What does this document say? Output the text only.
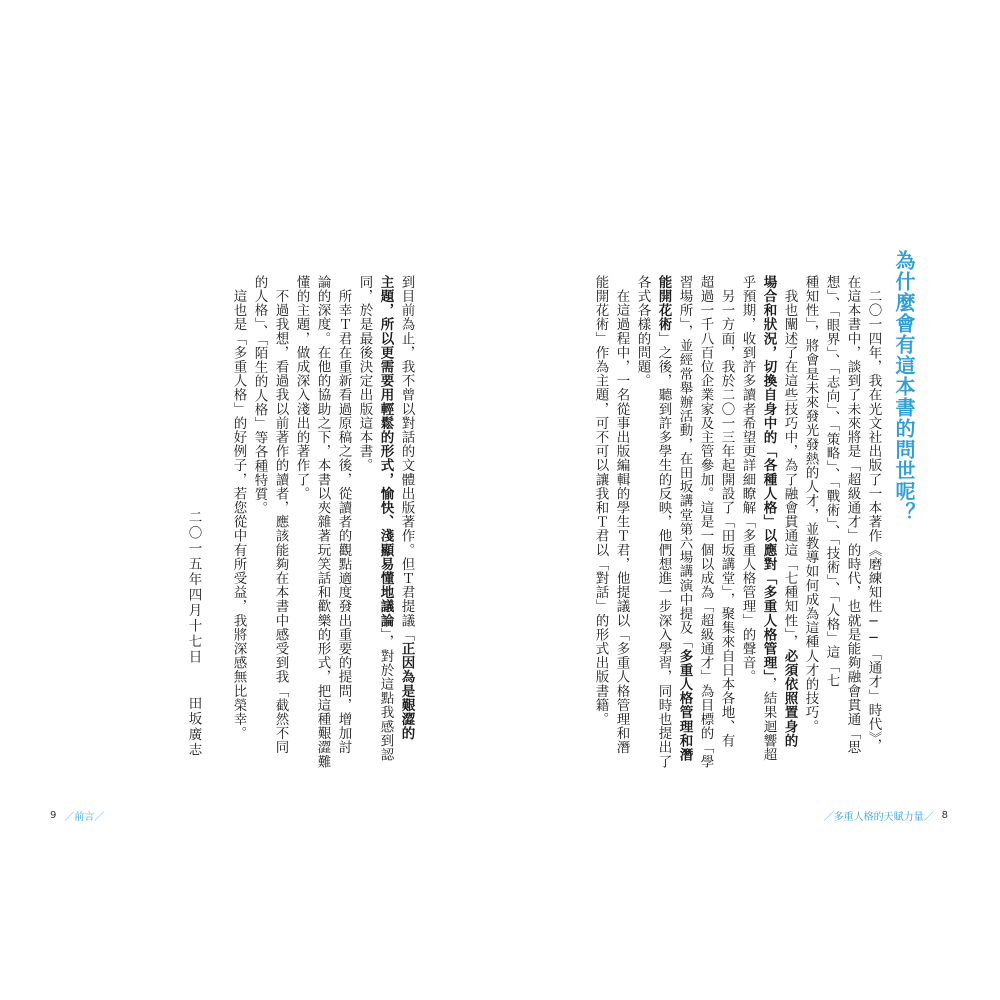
到目前為止，我不曾以對話的文體出版著作。但Ｔ君提議「正因為是艱澀的
主題，所以更需要用輕鬆的形式，愉快、淺顯易懂地議論」，對於這點我感到認
同，於是最後決定出版這本書。
　所幸Ｔ君在重新看過原稿之後，從讀者的觀點適度發出重要的提問，增加討
論的深度。在他的協助之下，本書以夾雜著玩笑話和歡樂的形式，把這種艱澀難
懂的主題，做成深入淺出的著作了。
　不過我想，看過我以前著作的讀者，應該能夠在本書中感受到我「截然不同
的人格」、「陌生的人格」等各種特質。
　這也是「多重人格」的好例子，若您從中有所受益，我將深感無比榮幸。
二〇一五年四月十七日　　田坂廣志
9 ／前言／
為什麼會有這本書的問世呢？
　二〇一四年，我在光文社出版了一本著作《磨練知性──「通才」時代》，
在這本書中，談到了未來將是「超級通才」的時代，也就是能夠融會貫通「思
想」、「眼界」、「志向」、「策略」、「戰術」、「技術」、「人格」這「七
種知性」，將會是未來發光發熱的人才，並教導如何成為這種人才的技巧。
　我也闡述了在這些技巧中，為了融會貫通這「七種知性」，必須依照置身的
場合和狀況，切換自身中的「各種人格」以應對「多重人格管理」，結果迴響超
乎預期，收到許多讀者希望更詳細瞭解「多重人格管理」的聲音。
　另一方面，我於二〇一三年起開設了「田坂講堂」，聚集來自日本各地、有
超過一千八百位企業家及主管參加。這是一個以成為「超級通才」為目標的「學
習場所」，並經常舉辦活動，在田坂講堂第六場講演中提及「多重人格管理和潛
能開花術」之後，聽到許多學生的反映，他們想進一步深入學習，同時也提出了
各式各樣的問題。
　在這過程中，一名從事出版編輯的學生Ｔ君，他提議以「多重人格管理和潛
能開花術」作為主題，可不可以讓我和Ｔ君以「對話」的形式出版書籍。
／多重人格的天賦力量／ 8
